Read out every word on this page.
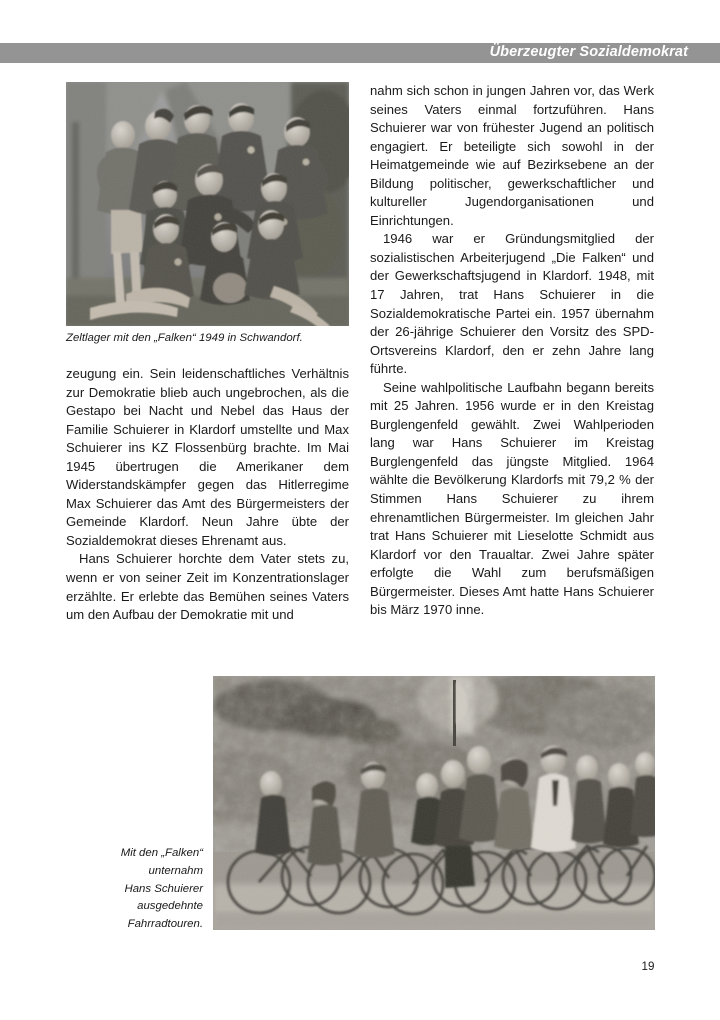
Überzeugter Sozialdemokrat
Zeltlager mit den „Falken“ 1949 in Schwandorf.

zeugung ein. Sein leidenschaftliches Verhältnis zur Demokratie blieb auch ungebrochen, als die Gestapo bei Nacht und Nebel das Haus der Familie Schuierer in Klardorf umstellte und Max Schuierer ins KZ Flossenbürg brachte. Im Mai 1945 übertrugen die Amerikaner dem Widerstandskämpfer gegen das Hitlerregime Max Schuierer das Amt des Bürgermeisters der Gemeinde Klardorf. Neun Jahre übte der Sozialdemokrat dieses Ehrenamt aus.

Hans Schuierer horchte dem Vater stets zu, wenn er von seiner Zeit im Konzentrationslager erzählte. Er erlebte das Bemühen seines Vaters um den Aufbau der Demokratie mit und

nahm sich schon in jungen Jahren vor, das Werk seines Vaters einmal fortzuführen. Hans Schuierer war von frühester Jugend an politisch engagiert. Er beteiligte sich sowohl in der Heimatgemeinde wie auf Bezirksebene an der Bildung politischer, gewerkschaftlicher und kultureller Jugendorganisationen und Einrichtungen.

1946 war er Gründungsmitglied der sozialistischen Arbeiterjugend „Die Falken“ und der Gewerkschaftsjugend in Klardorf. 1948, mit 17 Jahren, trat Hans Schuierer in die Sozialdemokratische Partei ein. 1957 übernahm der 26-jährige Schuierer den Vorsitz des SPD-Ortsvereins Klardorf, den er zehn Jahre lang führte.

Seine wahlpolitische Laufbahn begann bereits mit 25 Jahren. 1956 wurde er in den Kreistag Burglengenfeld gewählt. Zwei Wahlperioden lang war Hans Schuierer im Kreistag Burglengenfeld das jüngste Mitglied. 1964 wählte die Bevölkerung Klardorfs mit 79,2 % der Stimmen Hans Schuierer zu ihrem ehrenamtlichen Bürgermeister. Im gleichen Jahr trat Hans Schuierer mit Lieselotte Schmidt aus Klardorf vor den Traualtar. Zwei Jahre später erfolgte die Wahl zum berufsmäßigen Bürgermeister. Dieses Amt hatte Hans Schuierer bis März 1970 inne.

Mit den „Falken“
unternahm
Hans Schuierer
ausgedehnte
Fahrradtouren.
19
